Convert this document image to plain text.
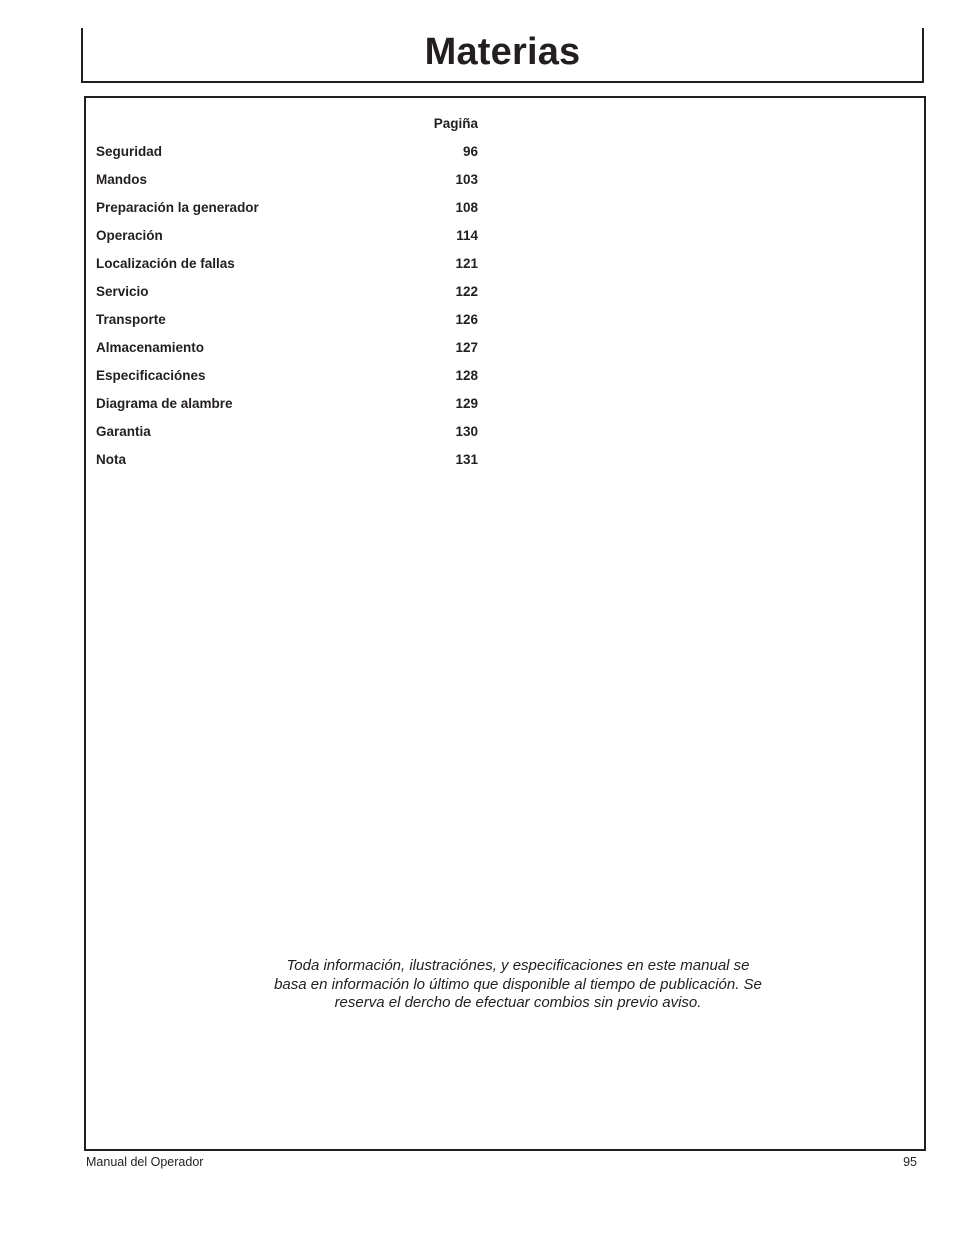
Materias
Pagiña
Seguridad	96
Mandos	103
Preparación la generador	108
Operación	114
Localización de fallas	121
Servicio	122
Transporte	126
Almacenamiento	127
Especificaciónes	128
Diagrama de alambre	129
Garantia	130
Nota	131
Toda información, ilustraciónes, y especificaciones en este manual se
basa en información lo último que disponible al tiempo de publicación. Se
reserva el dercho de efectuar combios sin previo aviso.
Manual del Operador	95
